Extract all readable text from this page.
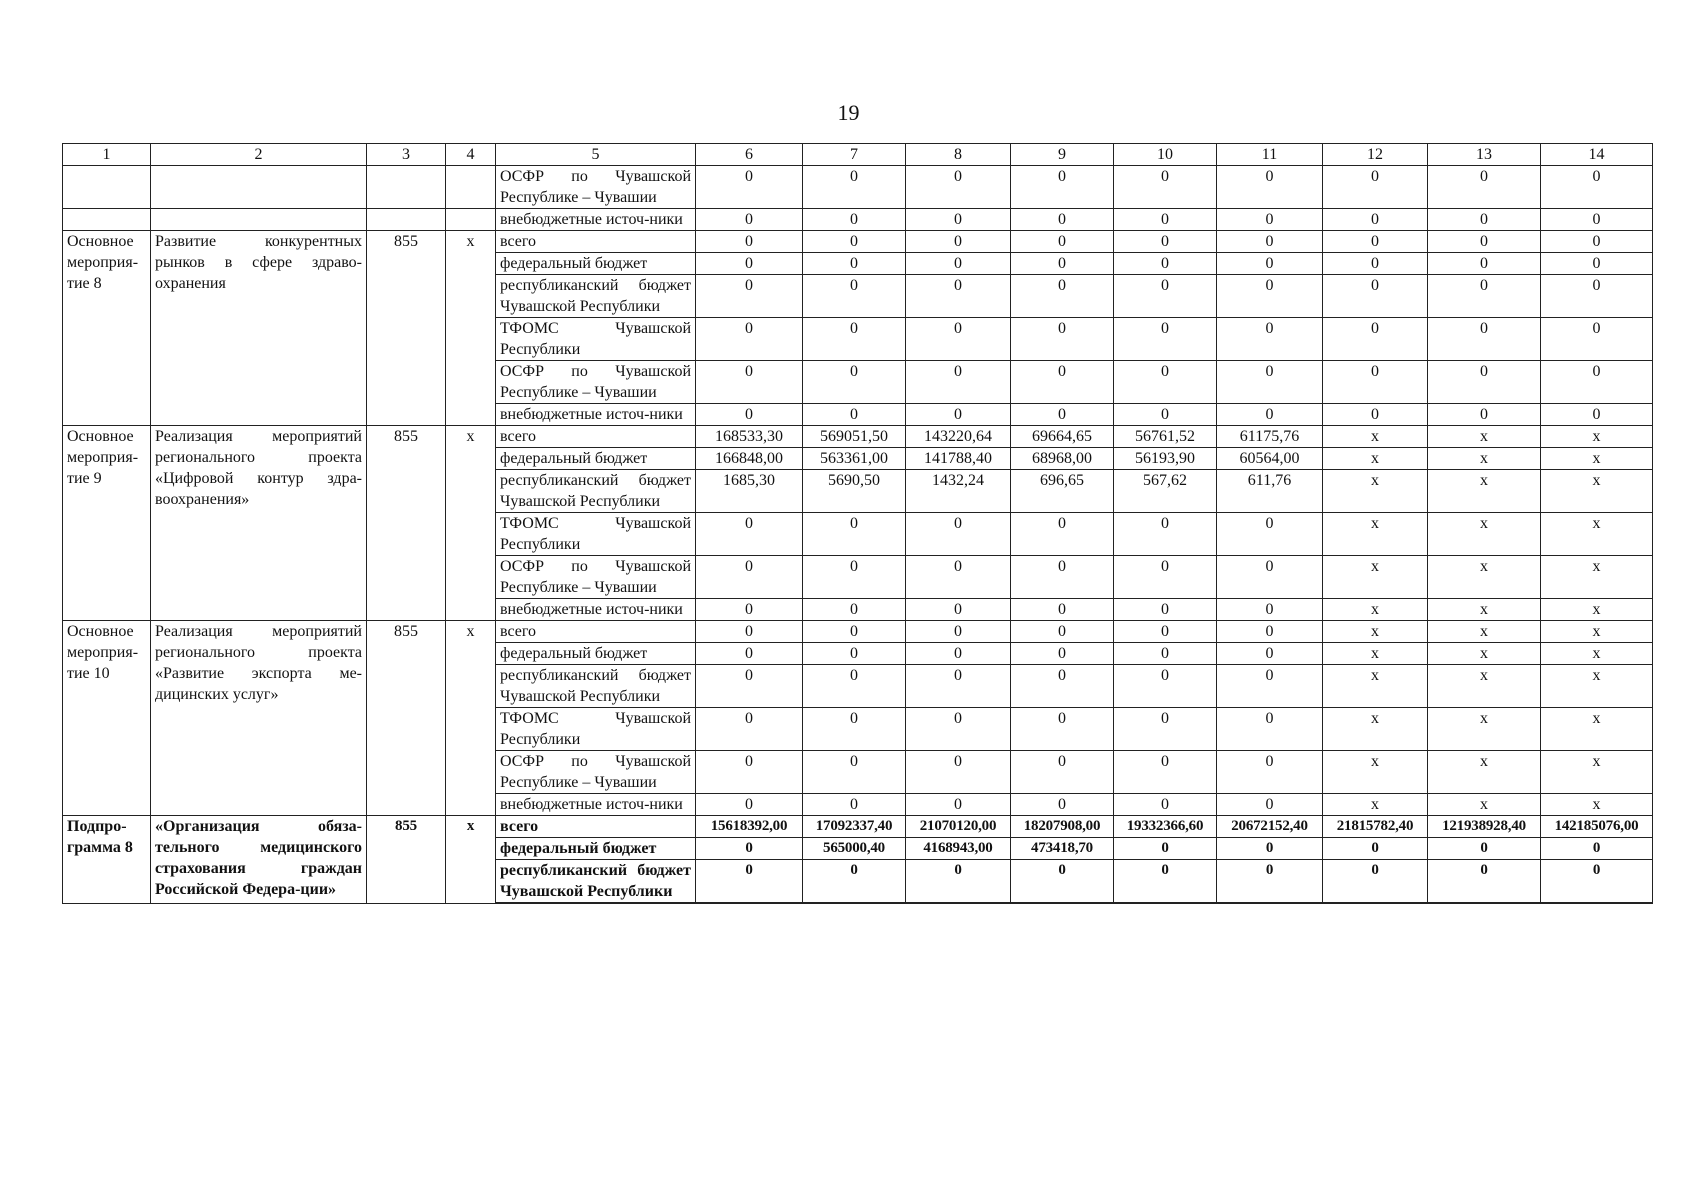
19
1	2	3	4	5	6	7	8	9	10	11	12	13	14
				ОСФР по Чувашской Республике – Чувашии	0	0	0	0	0	0	0	0	0
				внебюджетные источ-ники	0	0	0	0	0	0	0	0	0
Основное мероприя-тие 8	Развитие конкурентных рынков в сфере здраво-охранения	855	x	всего	0	0	0	0	0	0	0	0	0
				федеральный бюджет	0	0	0	0	0	0	0	0	0
				республиканский бюджет Чувашской Республики	0	0	0	0	0	0	0	0	0
				ТФОМС Чувашской Республики	0	0	0	0	0	0	0	0	0
				ОСФР по Чувашской Республике – Чувашии	0	0	0	0	0	0	0	0	0
				внебюджетные источ-ники	0	0	0	0	0	0	0	0	0
Основное мероприя-тие 9	Реализация мероприятий регионального проекта «Цифровой контур здра-воохранения»	855	x	всего	168533,30	569051,50	143220,64	69664,65	56761,52	61175,76	x	x	x
				федеральный бюджет	166848,00	563361,00	141788,40	68968,00	56193,90	60564,00	x	x	x
				республиканский бюджет Чувашской Республики	1685,30	5690,50	1432,24	696,65	567,62	611,76	x	x	x
				ТФОМС Чувашской Республики	0	0	0	0	0	0	x	x	x
				ОСФР по Чувашской Республике – Чувашии	0	0	0	0	0	0	x	x	x
				внебюджетные источ-ники	0	0	0	0	0	0	x	x	x
Основное мероприя-тие 10	Реализация мероприятий регионального проекта «Развитие экспорта ме-дицинских услуг»	855	x	всего	0	0	0	0	0	0	x	x	x
				федеральный бюджет	0	0	0	0	0	0	x	x	x
				республиканский бюджет Чувашской Республики	0	0	0	0	0	0	x	x	x
				ТФОМС Чувашской Республики	0	0	0	0	0	0	x	x	x
				ОСФР по Чувашской Республике – Чувашии	0	0	0	0	0	0	x	x	x
				внебюджетные источ-ники	0	0	0	0	0	0	x	x	x
Подпро-грамма 8	«Организация обяза-тельного медицинского страхования граждан Российской Федера-ции»	855	x	всего	15618392,00	17092337,40	21070120,00	18207908,00	19332366,60	20672152,40	21815782,40	121938928,40	142185076,00
				федеральный бюджет	0	565000,40	4168943,00	473418,70	0	0	0	0	0
				республиканский бюджет Чувашской Республики	0	0	0	0	0	0	0	0	0
